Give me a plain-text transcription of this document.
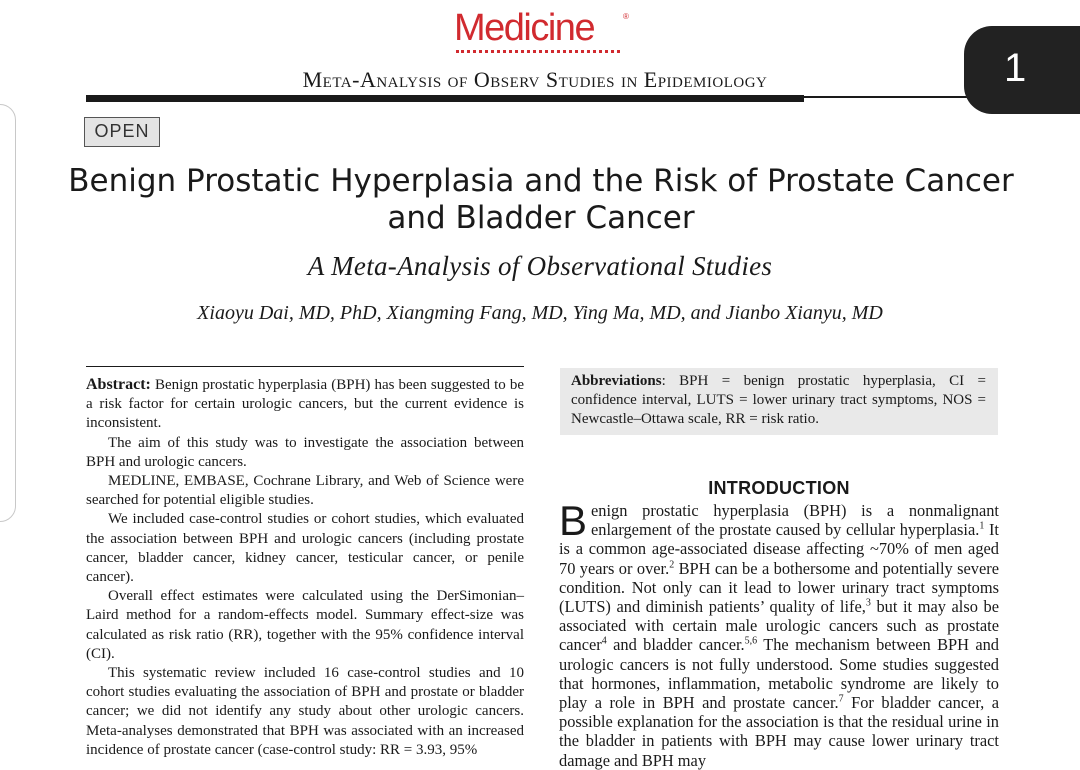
Medicine	®
Meta-Analysis of Observ Studies in Epidemiology	1
OPEN
Benign Prostatic Hyperplasia and the Risk of Prostate Cancer and Bladder Cancer
A Meta-Analysis of Observational Studies
Xiaoyu Dai, MD, PhD, Xiangming Fang, MD, Ying Ma, MD, and Jianbo Xianyu, MD

Abstract: Benign prostatic hyperplasia (BPH) has been suggested to be a risk factor for certain urologic cancers, but the current evidence is inconsistent.

The aim of this study was to investigate the association between BPH and urologic cancers.

MEDLINE, EMBASE, Cochrane Library, and Web of Science were searched for potential eligible studies.

We included case-control studies or cohort studies, which evaluated the association between BPH and urologic cancers (including prostate cancer, bladder cancer, kidney cancer, testicular cancer, or penile cancer).

Overall effect estimates were calculated using the DerSimonian–Laird method for a random-effects model. Summary effect-size was calculated as risk ratio (RR), together with the 95% confidence interval (CI).

This systematic review included 16 case-control studies and 10 cohort studies evaluating the association of BPH and prostate or bladder cancer; we did not identify any study about other urologic cancers. Meta-analyses demonstrated that BPH was associated with an increased incidence of prostate cancer (case-control study: RR = 3.93, 95%

Abbreviations: BPH = benign prostatic hyperplasia, CI = confidence interval, LUTS = lower urinary tract symptoms, NOS = Newcastle–Ottawa scale, RR = risk ratio.
INTRODUCTION
Benign prostatic hyperplasia (BPH) is a nonmalignant enlargement of the prostate caused by cellular hyperplasia.$^1$ It is a common age-associated disease affecting ~70% of men aged 70 years or over.$^2$ BPH can be a bothersome and potentially severe condition. Not only can it lead to lower urinary tract symptoms (LUTS) and diminish patients’ quality of life,$^3$ but it may also be associated with certain male urologic cancers such as prostate cancer$^4$ and bladder cancer.$^{5,6}$ The mechanism between BPH and urologic cancers is not fully understood. Some studies suggested that hormones, inflammation, metabolic syndrome are likely to play a role in BPH and prostate cancer.$^7$ For bladder cancer, a possible explanation for the association is that the residual urine in the bladder in patients with BPH may cause lower urinary tract damage and BPH may
